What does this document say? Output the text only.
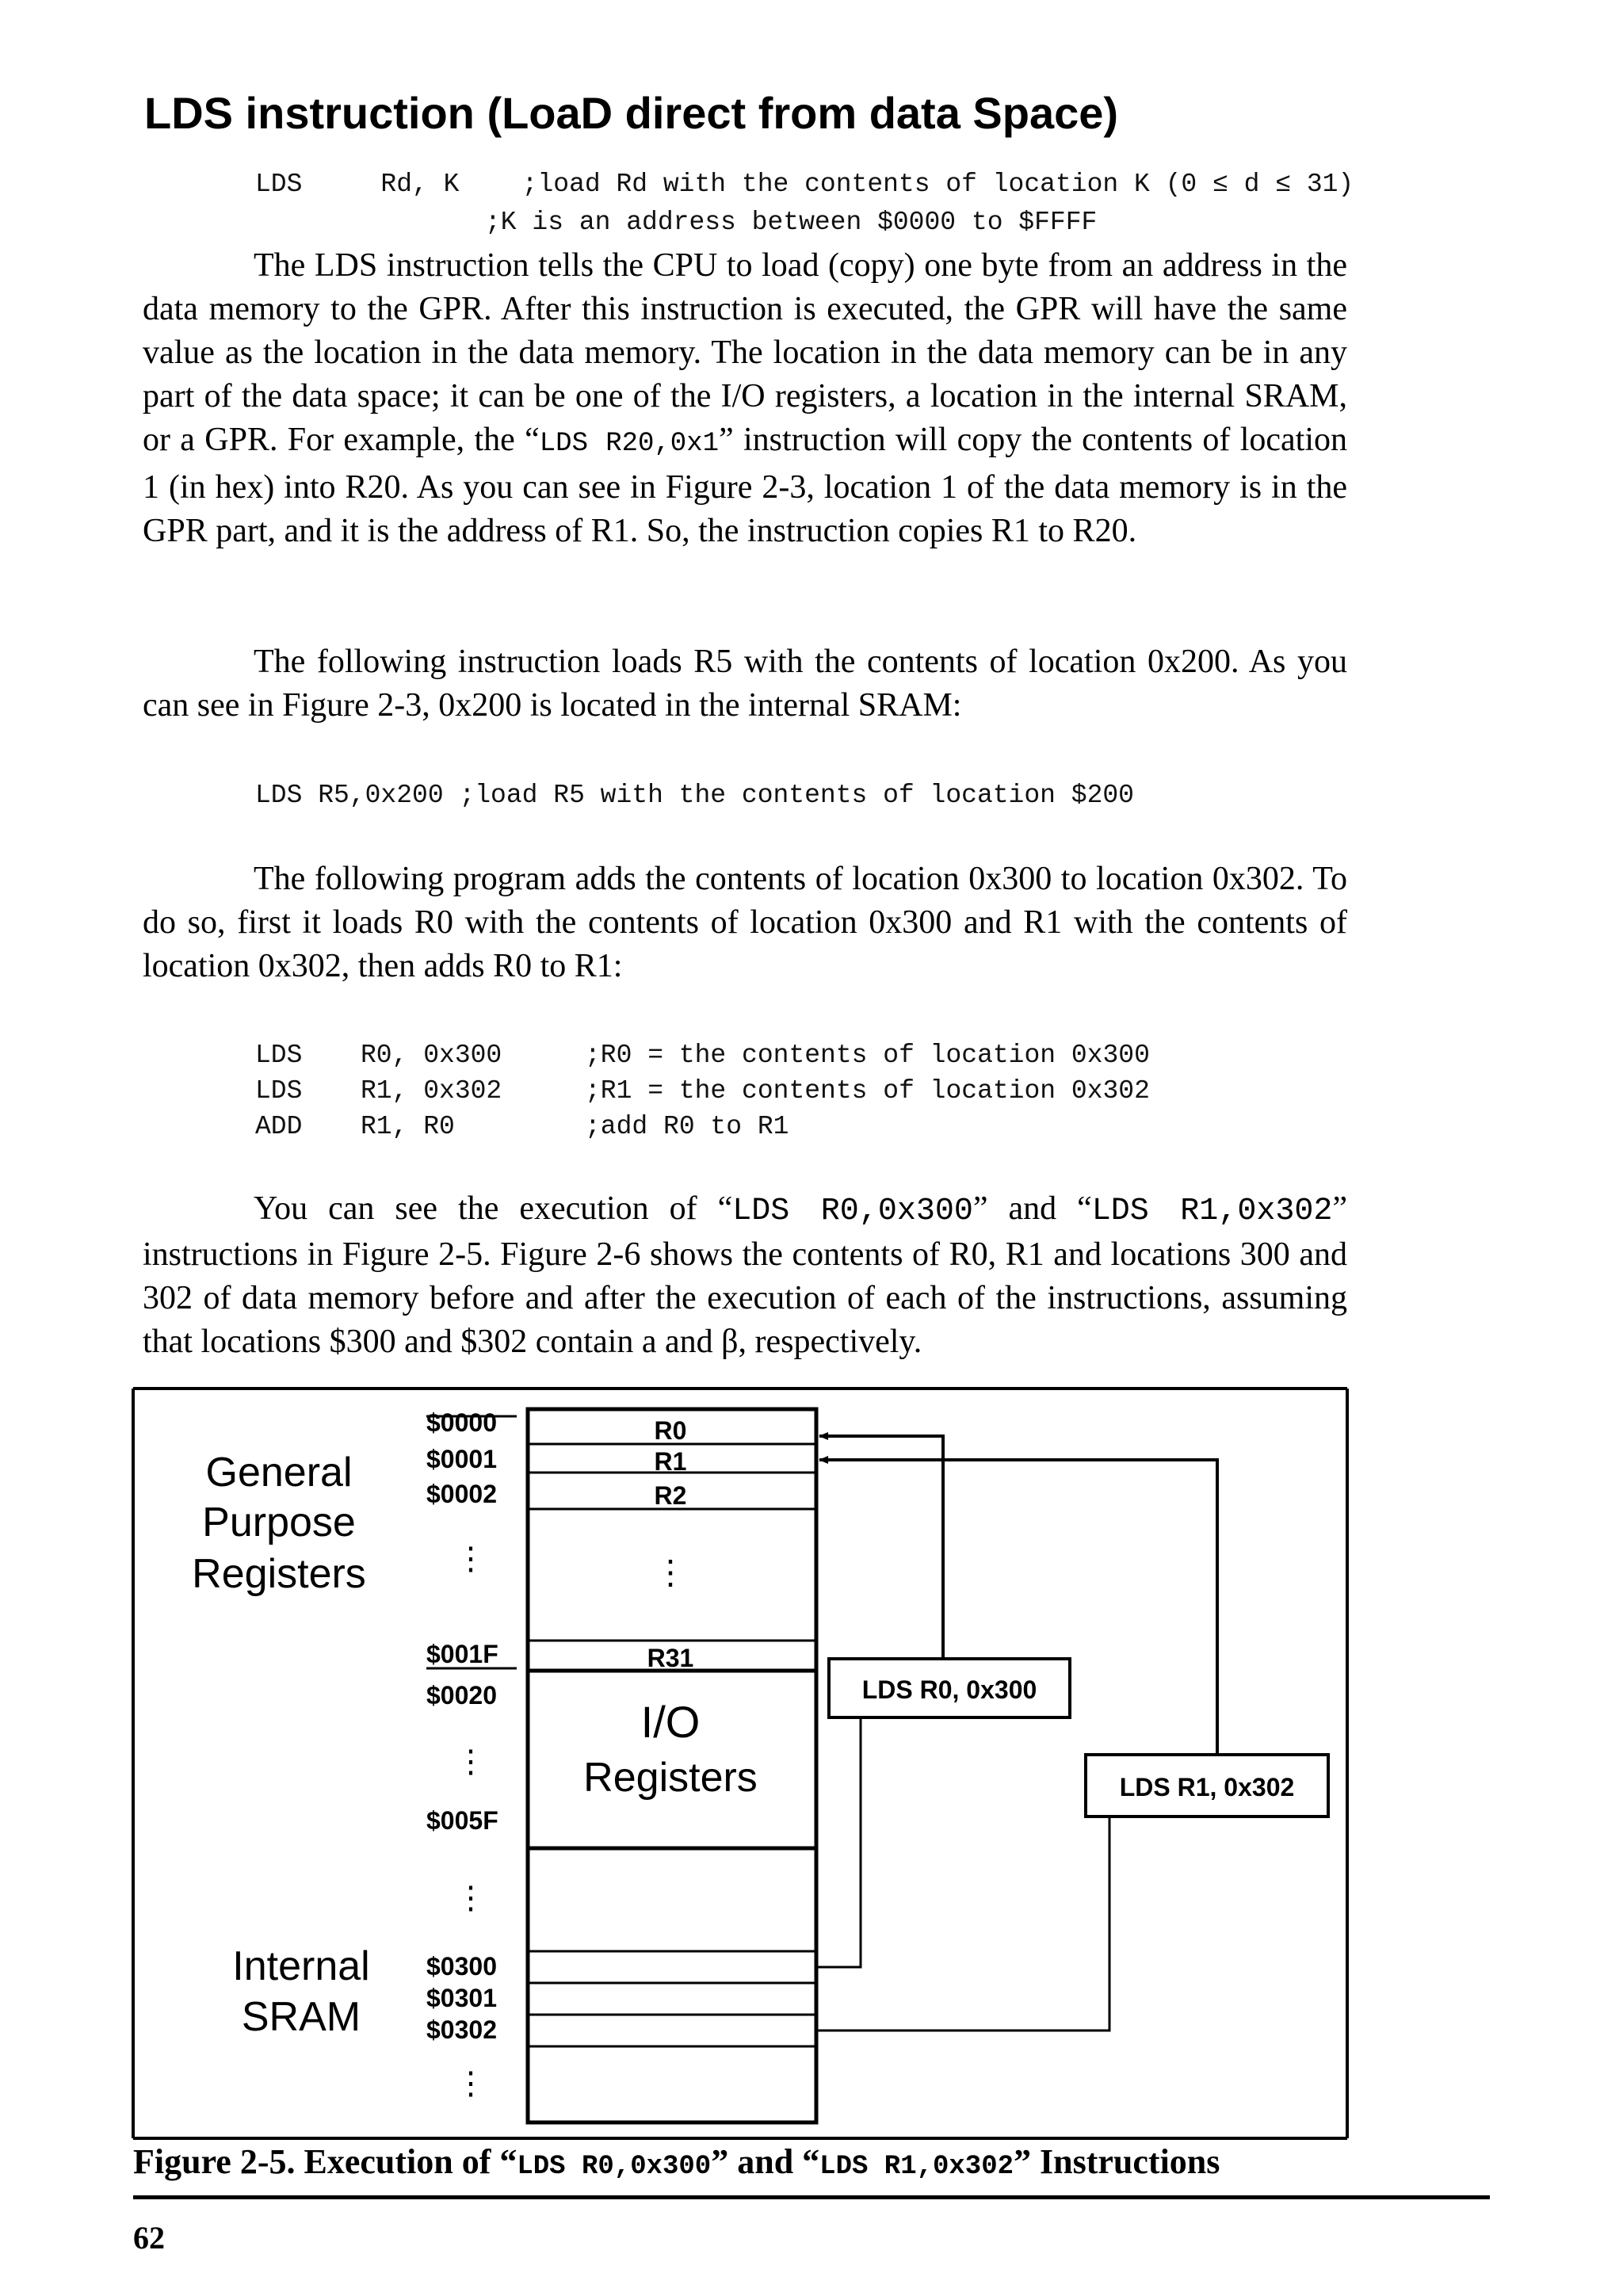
LDS instruction (LoaD direct from data Space)
LDS     Rd, K    ;load Rd with the contents of location K (0 ≤ d ≤ 31)
;K is an address between $0000 to $FFFF
The LDS instruction tells the CPU to load (copy) one byte from an address in the data memory to the GPR. After this instruction is executed, the GPR will have the same value as the location in the data memory. The location in the data memory can be in any part of the data space; it can be one of the I/O registers, a location in the internal SRAM, or a GPR. For example, the “LDS R20,0x1” instruction will copy the contents of location 1 (in hex) into R20. As you can see in Figure 2-3, location 1 of the data memory is in the GPR part, and it is the address of R1. So, the instruction copies R1 to R20.
The following instruction loads R5 with the contents of location 0x200. As you can see in Figure 2-3, 0x200 is located in the internal SRAM:
LDS R5,0x200 ;load R5 with the contents of location $200
The following program adds the contents of location 0x300 to location 0x302. To do so, first it loads R0 with the contents of location 0x300 and R1 with the contents of location 0x302, then adds R0 to R1:
LDS R0, 0x300	;R0 = the contents of location 0x300
LDS R1, 0x302	;R1 = the contents of location 0x302
ADD R1, R0	;add R0 to R1
You can see the execution of “LDS R0,0x300” and “LDS R1,0x302” instructions in Figure 2-5. Figure 2-6 shows the contents of R0, R1 and locations 300 and 302 of data memory before and after the execution of each of the instructions, assuming that locations $300 and $302 contain a and β, respectively.
R0
R1
R2
⋮
R31
I/O
Registers
$0000
$0001
$0002
⋮
$001F
$0020
⋮
$005F
⋮
$0300
$0301
$0302
⋮
General
Purpose
Registers
Internal
SRAM
LDS R0, 0x300
LDS R1, 0x302
Figure 2-5. Execution of “LDS R0,0x300” and “LDS R1,0x302” Instructions
62
